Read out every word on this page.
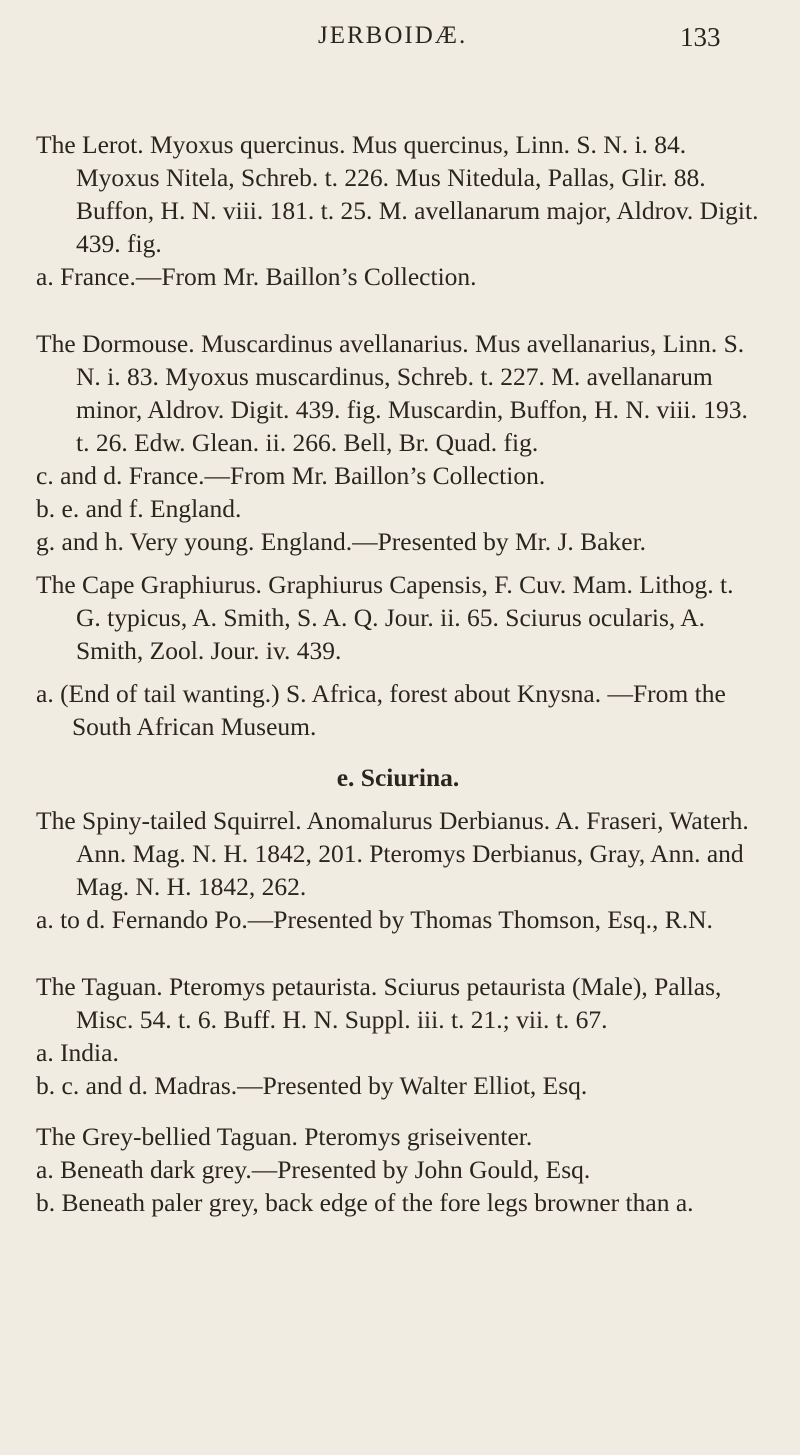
JERBOIDÆ.	133

The Lerot. Myoxus quercinus. Mus quercinus, Linn. S. N. i. 84. Myoxus Nitela, Schreb. t. 226. Mus Nitedula, Pallas, Glir. 88. Buffon, H. N. viii. 181. t. 25. M. avellanarum major, Aldrov. Digit. 439. fig.

a. France.—From Mr. Baillon’s Collection.

The Dormouse. Muscardinus avellanarius. Mus avellanarius, Linn. S. N. i. 83. Myoxus muscardinus, Schreb. t. 227. M. avellanarum minor, Aldrov. Digit. 439. fig. Muscardin, Buffon, H. N. viii. 193. t. 26. Edw. Glean. ii. 266. Bell, Br. Quad. fig.

c. and d. France.—From Mr. Baillon’s Collection.

b. e. and f. England.

g. and h. Very young. England.—Presented by Mr. J. Baker.

The Cape Graphiurus. Graphiurus Capensis, F. Cuv. Mam. Lithog. t. G. typicus, A. Smith, S. A. Q. Jour. ii. 65. Sciurus ocularis, A. Smith, Zool. Jour. iv. 439.

a. (End of tail wanting.) S. Africa, forest about Knysna. —From the South African Museum.

e. Sciurina.

The Spiny-tailed Squirrel. Anomalurus Derbianus. A. Fraseri, Waterh. Ann. Mag. N. H. 1842, 201. Pteromys Derbianus, Gray, Ann. and Mag. N. H. 1842, 262.

a. to d. Fernando Po.—Presented by Thomas Thomson, Esq., R.N.

The Taguan. Pteromys petaurista. Sciurus petaurista (Male), Pallas, Misc. 54. t. 6. Buff. H. N. Suppl. iii. t. 21.; vii. t. 67.

a. India.

b. c. and d. Madras.—Presented by Walter Elliot, Esq.

The Grey-bellied Taguan. Pteromys griseiventer.

a. Beneath dark grey.—Presented by John Gould, Esq.

b. Beneath paler grey, back edge of the fore legs browner than a.
